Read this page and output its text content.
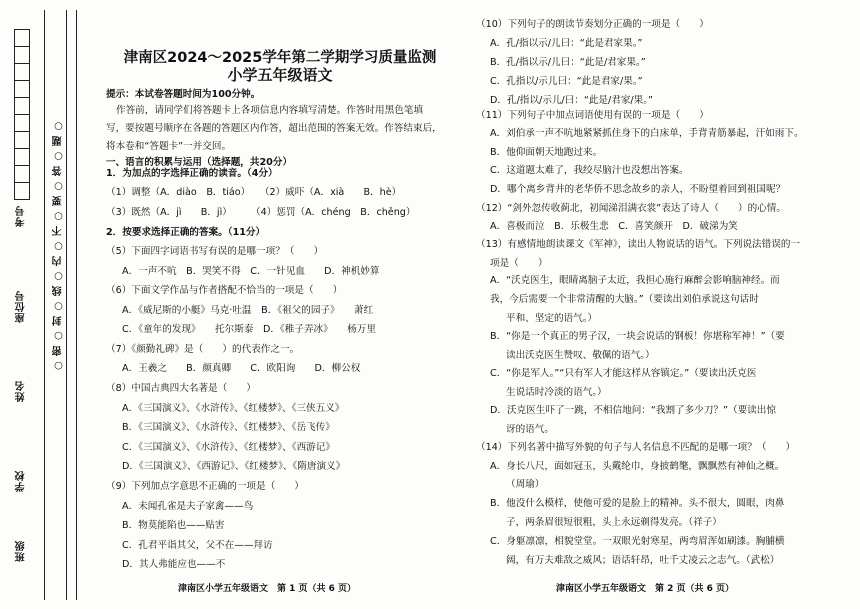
考号
座位号
姓名
学校
班级
○ 密 ○ 封 ○ 线 ○ 内 ○ 不 ○ 要 ○ 答 ○ 题 ○
津南区2024～2025学年第二学期学习质量监测
小学五年级语文
提示：本试卷答题时间为100分钟。
作答前，请同学们将答题卡上各项信息内容填写清楚。作答时用黑色笔填
写，要按题号顺序在各题的答题区内作答，超出范围的答案无效。作答结束后，
将本卷和“答题卡”一并交回。
一、语言的积累与运用（选择题，共20分）
1．为加点的字选择正确的读音。（4分）
（1）调整（A．diào　B．tiáo）　　（2）威吓（A．xià　　B．hè）
（3）既然（A．jì　　B．jì）　　　（4）惩罚（A．chéng　B．chěng）
2．按要求选择正确的答案。（11分）
（5）下面四字词语书写有误的是哪一项？（　　）
A．一声不吭　B．哭笑不得　C．一针见血　　D．神机妙算
（6）下面文学作品与作者搭配不恰当的一项是（　　）
A．《威尼斯的小艇》马克·吐温　B．《祖父的园子》　　萧红
C．《童年的发现》　　托尔斯泰　D．《稚子弄冰》　　杨万里
（7）《颜勤礼碑》是（　　）的代表作之一。
A．王羲之　　B．颜真卿　　C．欧阳询　　D．柳公权
（8）中国古典四大名著是（　　）
A．《三国演义》、《水浒传》、《红楼梦》、《三侠五义》
B．《三国演义》、《水浒传》、《红楼梦》、《岳飞传》
C．《三国演义》、《水浒传》、《红楼梦》、《西游记》
D．《三国演义》、《西游记》、《红楼梦》、《隋唐演义》
（9）下列加点字意思不正确的一项是（　　）
A．未闻孔雀是夫子家禽——鸟
B．物莫能陷也——贴害
C．孔君平诣其父，父不在——拜访
D．其人弗能应也——不
津南区小学五年级语文　第 1 页（共 6 页）
（10）下列句子的朗读节奏划分正确的一项是（　　）
A．孔/指以示/儿曰：“此是君家果。”
B．孔/指以示/儿曰：“此是/君家果。”
C．孔指以/示儿曰：“此是君家/果。”
D．孔/指以/示儿/曰：“此是/君家/果。”
（11）下列句子中加点词语使用有误的一项是（　　）
A．刘伯承一声不吭地紧紧抓住身下的白床单，手背青筋暴起，汗如雨下。
B．他仰面朝天地跑过来。
C．这道题太难了，我绞尽脑汁也没想出答案。
D．哪个离乡背井的老华侨不思念故乡的亲人，不盼望着回到祖国呢？
（12）“剑外忽传收蓟北，初闻涕泪满衣裳”表达了诗人（　　）的心情。
A．喜极而泣　B．乐极生悲　C．喜笑颜开　D．破涕为笑
（13）有感情地朗读课文《军神》，读出人物说话的语气。下列说法错误的一
项是（　　）
A．“沃克医生，眼睛离脑子太近，我担心施行麻醉会影响脑神经。而
我，今后需要一个非常清醒的大脑。”（要读出刘伯承说这句话时
平和、坚定的语气。）
B．“你是一个真正的男子汉，一块会说话的钢板！你堪称军神！”（要
读出沃克医生赞叹、敬佩的语气。）
C．“你是军人。”“只有军人才能这样从容镇定。”（要读出沃克医
生说话时冷淡的语气。）
D．沃克医生吓了一跳，不相信地问：“我割了多少刀？”（要读出惊
讶的语气。
（14）下列名著中描写外貌的句子与人名信息不匹配的是哪一项？（　　）
A．身长八尺，面如冠玉，头戴纶巾，身披鹤氅，飘飘然有神仙之概。
（周瑜）
B．他没什么模样，使他可爱的是脸上的精神。头不很大，圆眼，肉鼻
子，两条眉很短很粗，头上永远剃得发亮。（祥子）
C．身躯凛凛，相貌堂堂。一双眼光射寒星，两弯眉浑如刷漆。胸脯横
阔，有万夫难敌之威风；语话轩昂，吐千丈凌云之志气。（武松）
津南区小学五年级语文　第 2 页（共 6 页）
